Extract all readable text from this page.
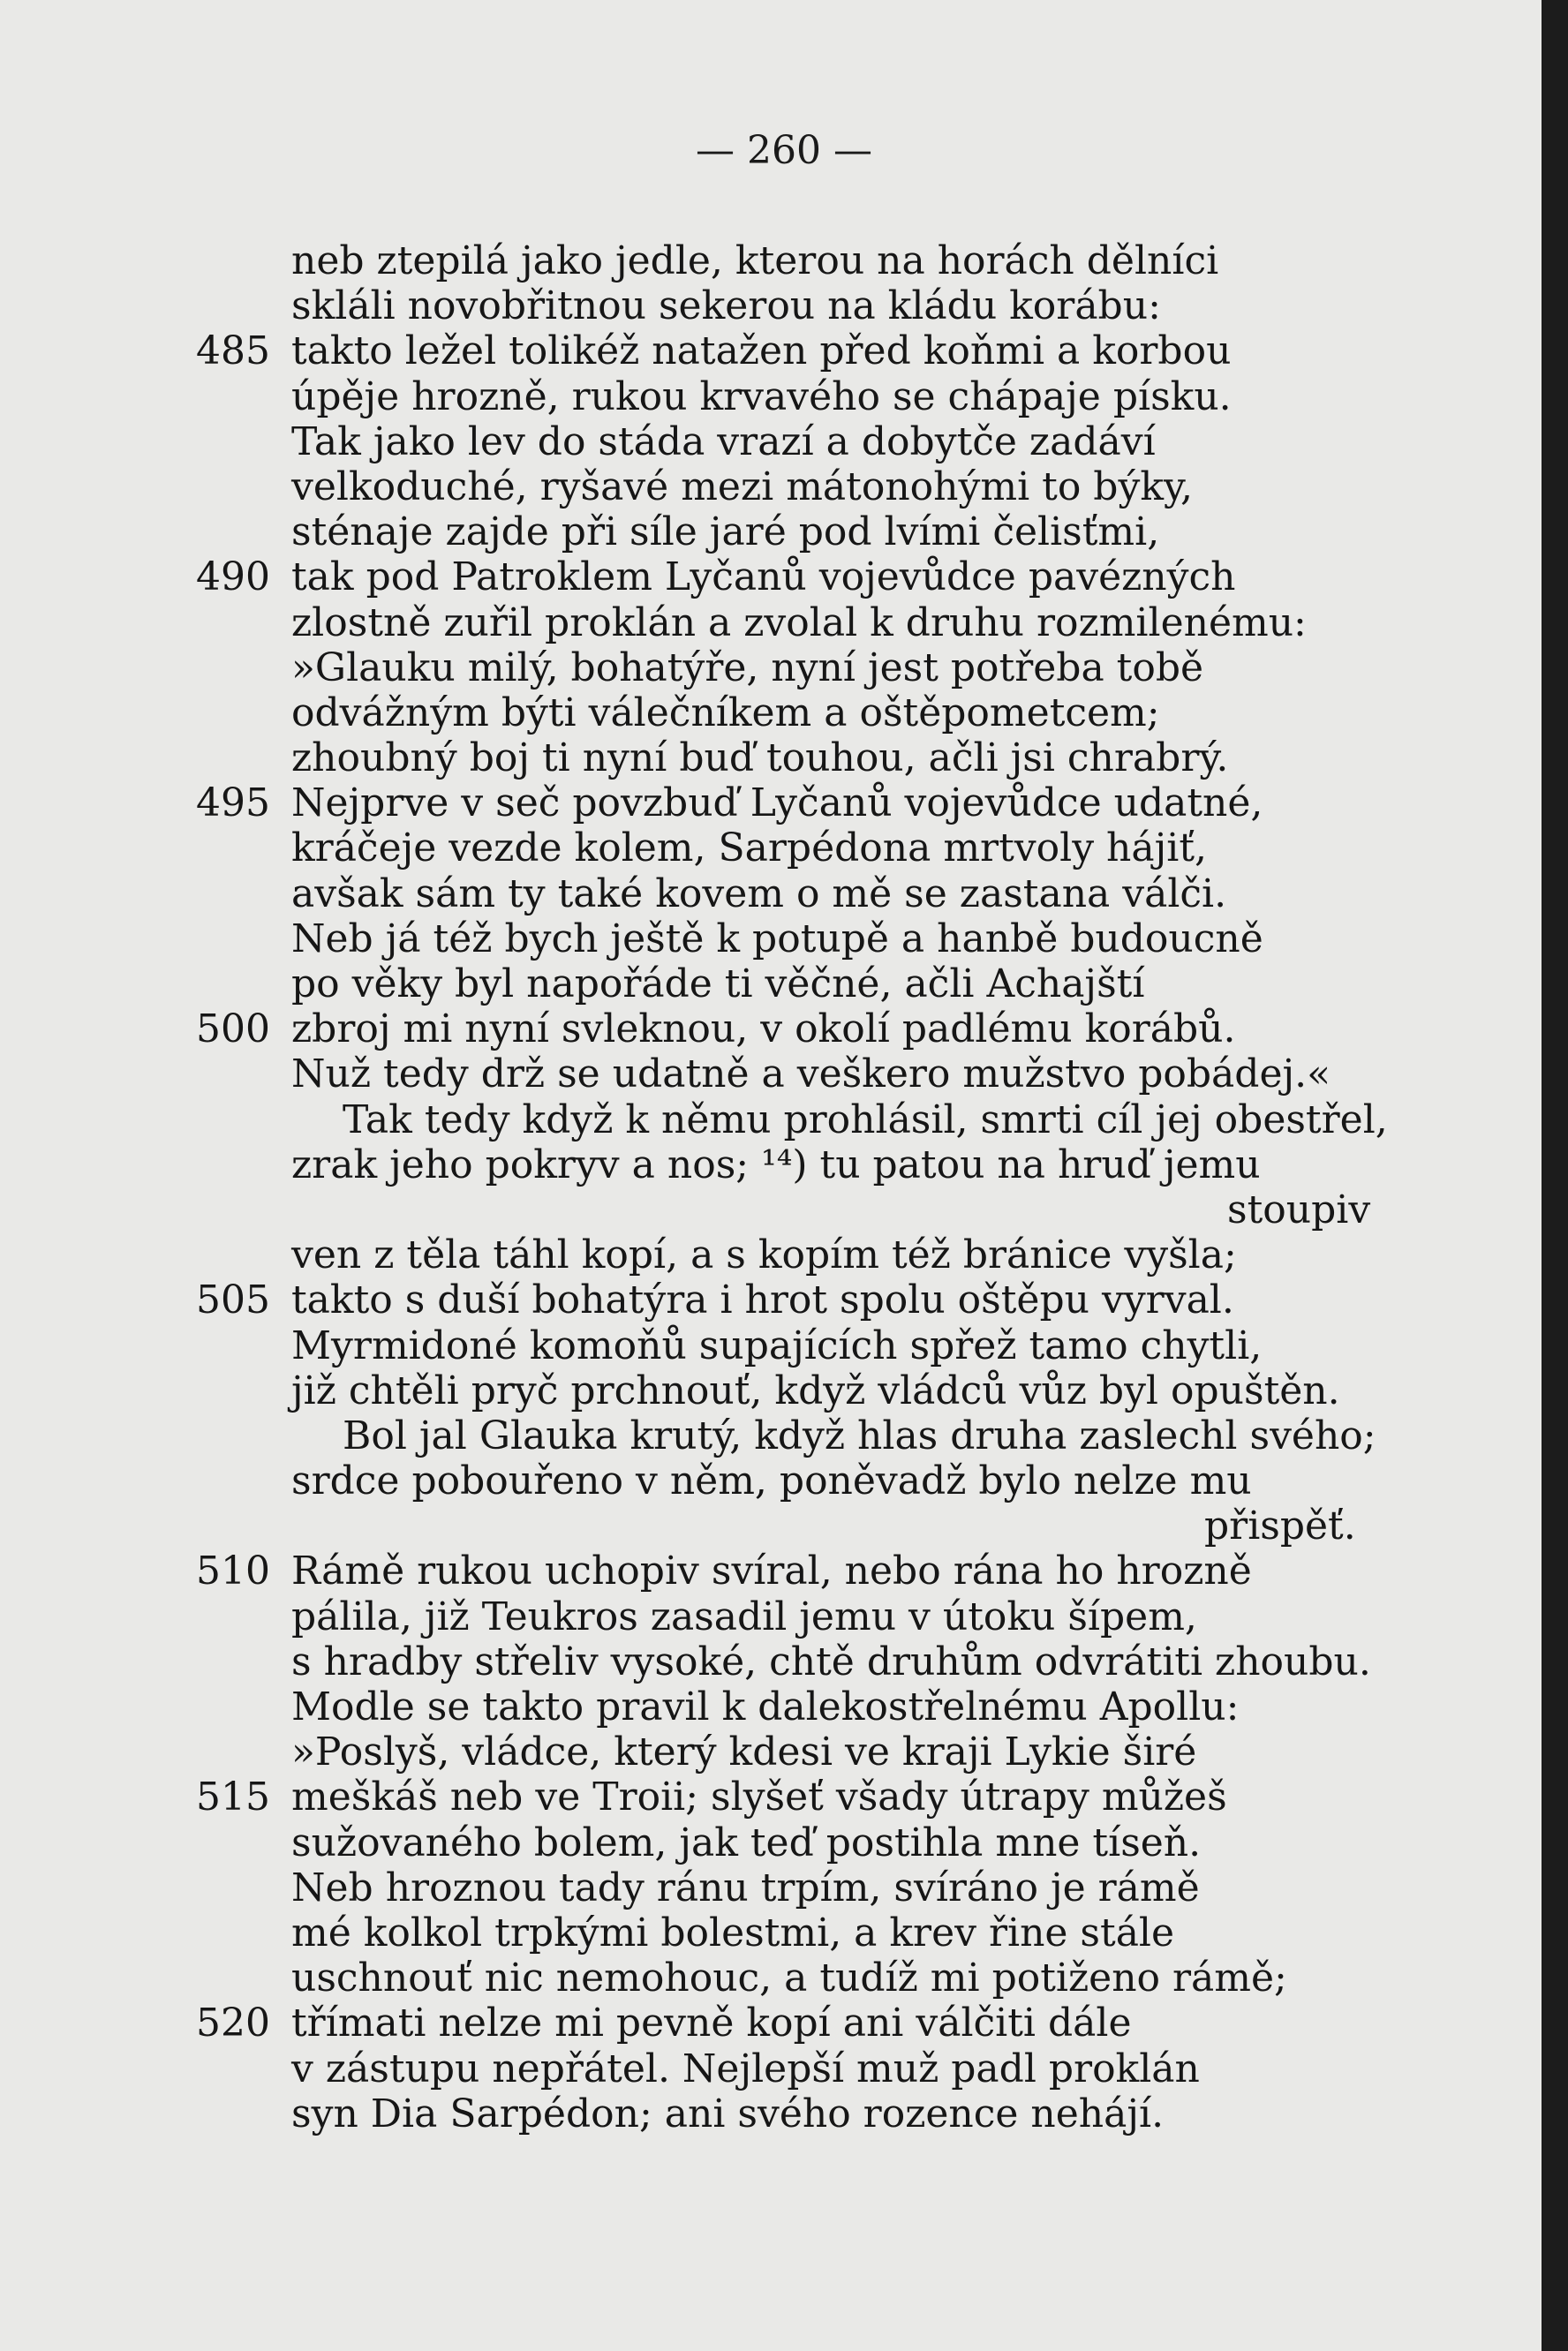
— 260 —
neb ztepilá jako jedle, kterou na horách dělníci
skláli novobřitnou sekerou na kládu korábu:
485 takto ležel tolikéž natažen před koňmi a korbou
úpěje hrozně, rukou krvavého se chápaje písku.
Tak jako lev do stáda vrazí a dobytče zadáví
velkoduché, ryšavé mezi mátonohými to býky,
sténaje zajde při síle jaré pod lvími čelisťmi,
490 tak pod Patroklem Lyčanů vojevůdce pavézných
zlostně zuřil proklán a zvolal k druhu rozmilenému:
»Glauku milý, bohatýře, nyní jest potřeba tobě
odvážným býti válečníkem a oštěpometcem;
zhoubný boj ti nyní buď touhou, ačli jsi chrabrý.
495 Nejprve v seč povzbuď Lyčanů vojevůdce udatné,
kráčeje vezde kolem, Sarpédona mrtvoly hájiť,
avšak sám ty také kovem o mě se zastana válči.
Neb já též bych ještě k potupě a hanbě budoucně
po věky byl napořáde ti věčné, ačli Achajští
500 zbroj mi nyní svleknou, v okolí padlému korábů.
Nuž tedy drž se udatně a veškero mužstvo pobádej.«
Tak tedy když k němu prohlásil, smrti cíl jej obestřel,
zrak jeho pokryv a nos; ¹⁴) tu patou na hruď jemu
stoupiv
ven z těla táhl kopí, a s kopím též bránice vyšla;
505 takto s duší bohatýra i hrot spolu oštěpu vyrval.
Myrmidoné komoňů supajících spřež tamo chytli,
již chtěli pryč prchnouť, když vládců vůz byl opuštěn.
Bol jal Glauka krutý, když hlas druha zaslechl svého;
srdce pobouřeno v něm, poněvadž bylo nelze mu
přispěť.
510 Rámě rukou uchopiv svíral, nebo rána ho hrozně
pálila, již Teukros zasadil jemu v útoku šípem,
s hradby střeliv vysoké, chtě druhům odvrátiti zhoubu.
Modle se takto pravil k dalekostřelnému Apollu:
»Poslyš, vládce, který kdesi ve kraji Lykie širé
515 meškáš neb ve Troii; slyšeť všady útrapy můžeš
sužovaného bolem, jak teď postihla mne tíseň.
Neb hroznou tady ránu trpím, svíráno je rámě
mé kolkol trpkými bolestmi, a krev řine stále
uschnouť nic nemohouc, a tudíž mi potiženo rámě;
520 třímati nelze mi pevně kopí ani válčiti dále
v zástupu nepřátel. Nejlepší muž padl proklán
syn Dia Sarpédon; ani svého rozence nehájí.
